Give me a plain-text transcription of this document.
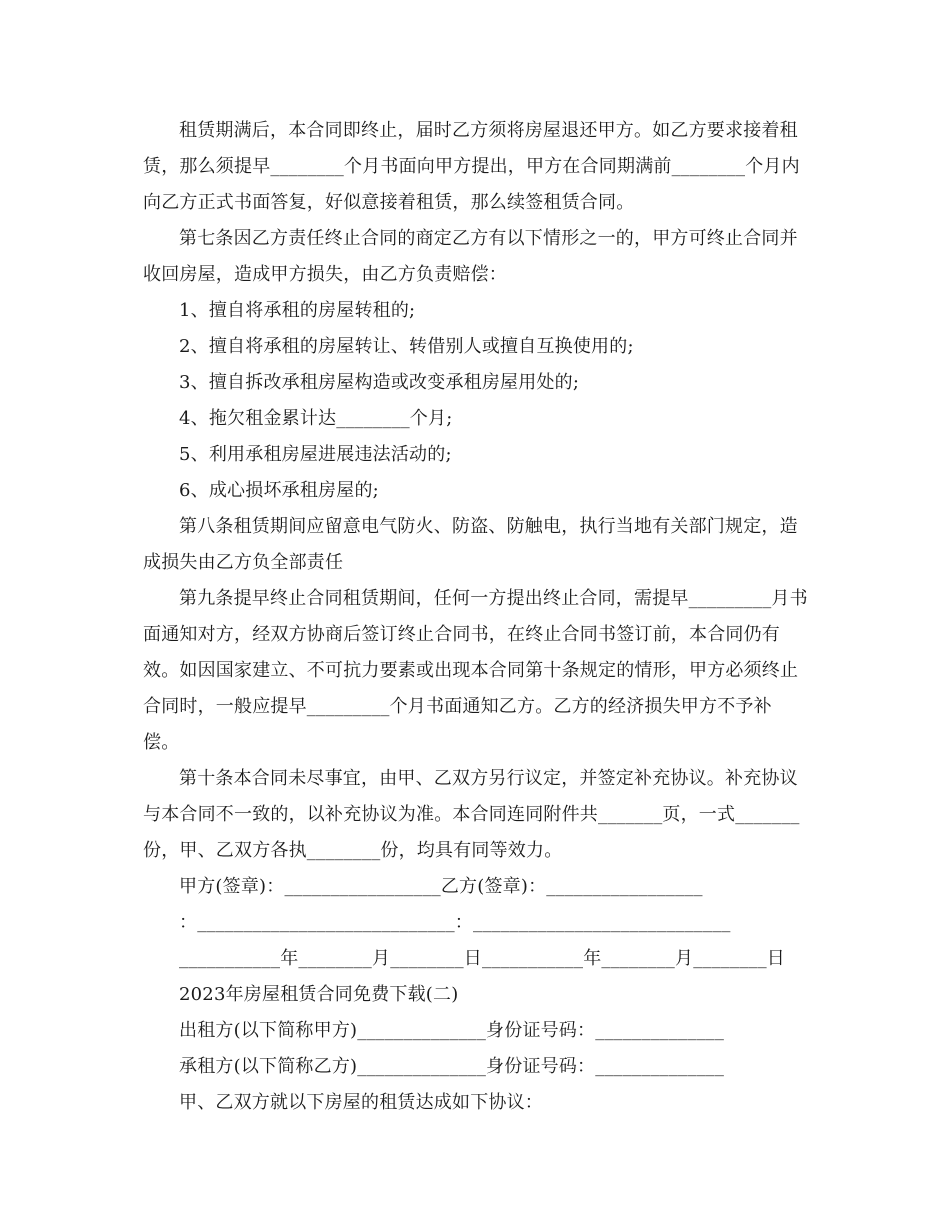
租赁期满后，本合同即终止，届时乙方须将房屋退还甲方。如乙方要求接着租赁，那么须提早________个月书面向甲方提出，甲方在合同期满前________个月内向乙方正式书面答复，好似意接着租赁，那么续签租赁合同。

第七条因乙方责任终止合同的商定乙方有以下情形之一的，甲方可终止合同并收回房屋，造成甲方损失，由乙方负责赔偿：

1、擅自将承租的房屋转租的;

2、擅自将承租的房屋转让、转借别人或擅自互换使用的;

3、擅自拆改承租房屋构造或改变承租房屋用处的;

4、拖欠租金累计达________个月;

5、利用承租房屋进展违法活动的;

6、成心损坏承租房屋的;

第八条租赁期间应留意电气防火、防盗、防触电，执行当地有关部门规定，造成损失由乙方负全部责任

第九条提早终止合同租赁期间，任何一方提出终止合同，需提早_________月书面通知对方，经双方协商后签订终止合同书，在终止合同书签订前，本合同仍有效。如因国家建立、不可抗力要素或出现本合同第十条规定的情形，甲方必须终止合同时，一般应提早_________个月书面通知乙方。乙方的经济损失甲方不予补偿。

第十条本合同未尽事宜，由甲、乙双方另行议定，并签定补充协议。补充协议与本合同不一致的，以补充协议为准。本合同连同附件共_______页，一式_______份，甲、乙双方各执________份，均具有同等效力。

甲方(签章)：_________________乙方(签章)：_________________

：____________________________：____________________________

___________年________月________日___________年________月________日

2023年房屋租赁合同免费下载(二)

出租方(以下简称甲方)______________身份证号码：______________

承租方(以下简称乙方)______________身份证号码：______________

甲、乙双方就以下房屋的租赁达成如下协议：
